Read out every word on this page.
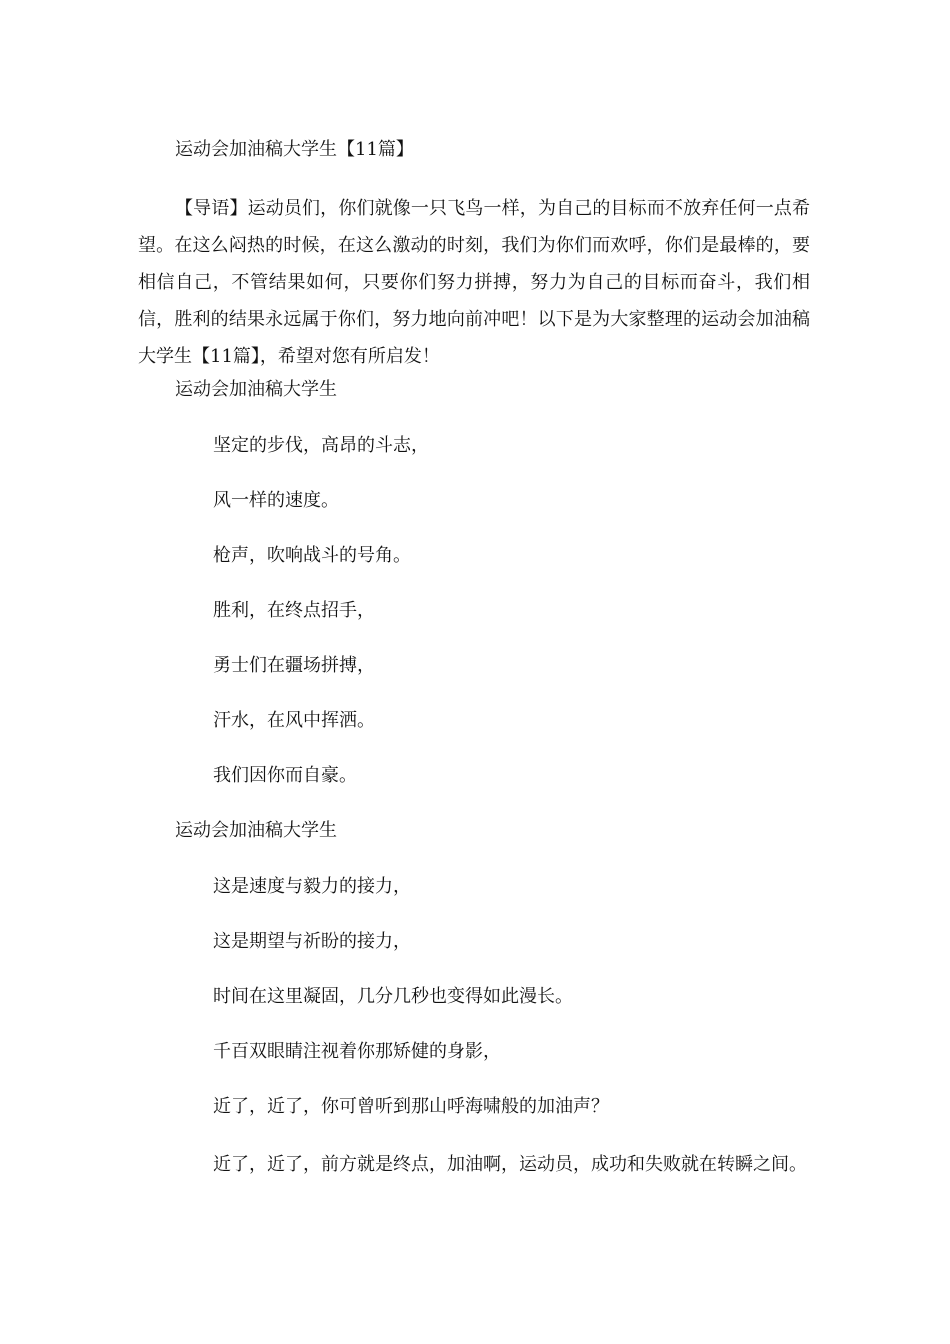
运动会加油稿大学生【11篇】

【导语】运动员们，你们就像一只飞鸟一样，为自己的目标而不放弃任何一点希望。在这么闷热的时候，在这么激动的时刻，我们为你们而欢呼，你们是最棒的，要相信自己，不管结果如何，只要你们努力拼搏，努力为自己的目标而奋斗，我们相信，胜利的结果永远属于你们，努力地向前冲吧！以下是为大家整理的运动会加油稿大学生【11篇】，希望对您有所启发！

运动会加油稿大学生
坚定的步伐，高昂的斗志，
风一样的速度。
枪声，吹响战斗的号角。
胜利，在终点招手，
勇士们在疆场拼搏，
汗水，在风中挥洒。
我们因你而自豪。
运动会加油稿大学生
这是速度与毅力的接力，
这是期望与祈盼的接力，
时间在这里凝固，几分几秒也变得如此漫长。
千百双眼睛注视着你那矫健的身影，
近了，近了，你可曾听到那山呼海啸般的加油声？

近了，近了，前方就是终点，加油啊，运动员，成功和失败就在转瞬之间。
